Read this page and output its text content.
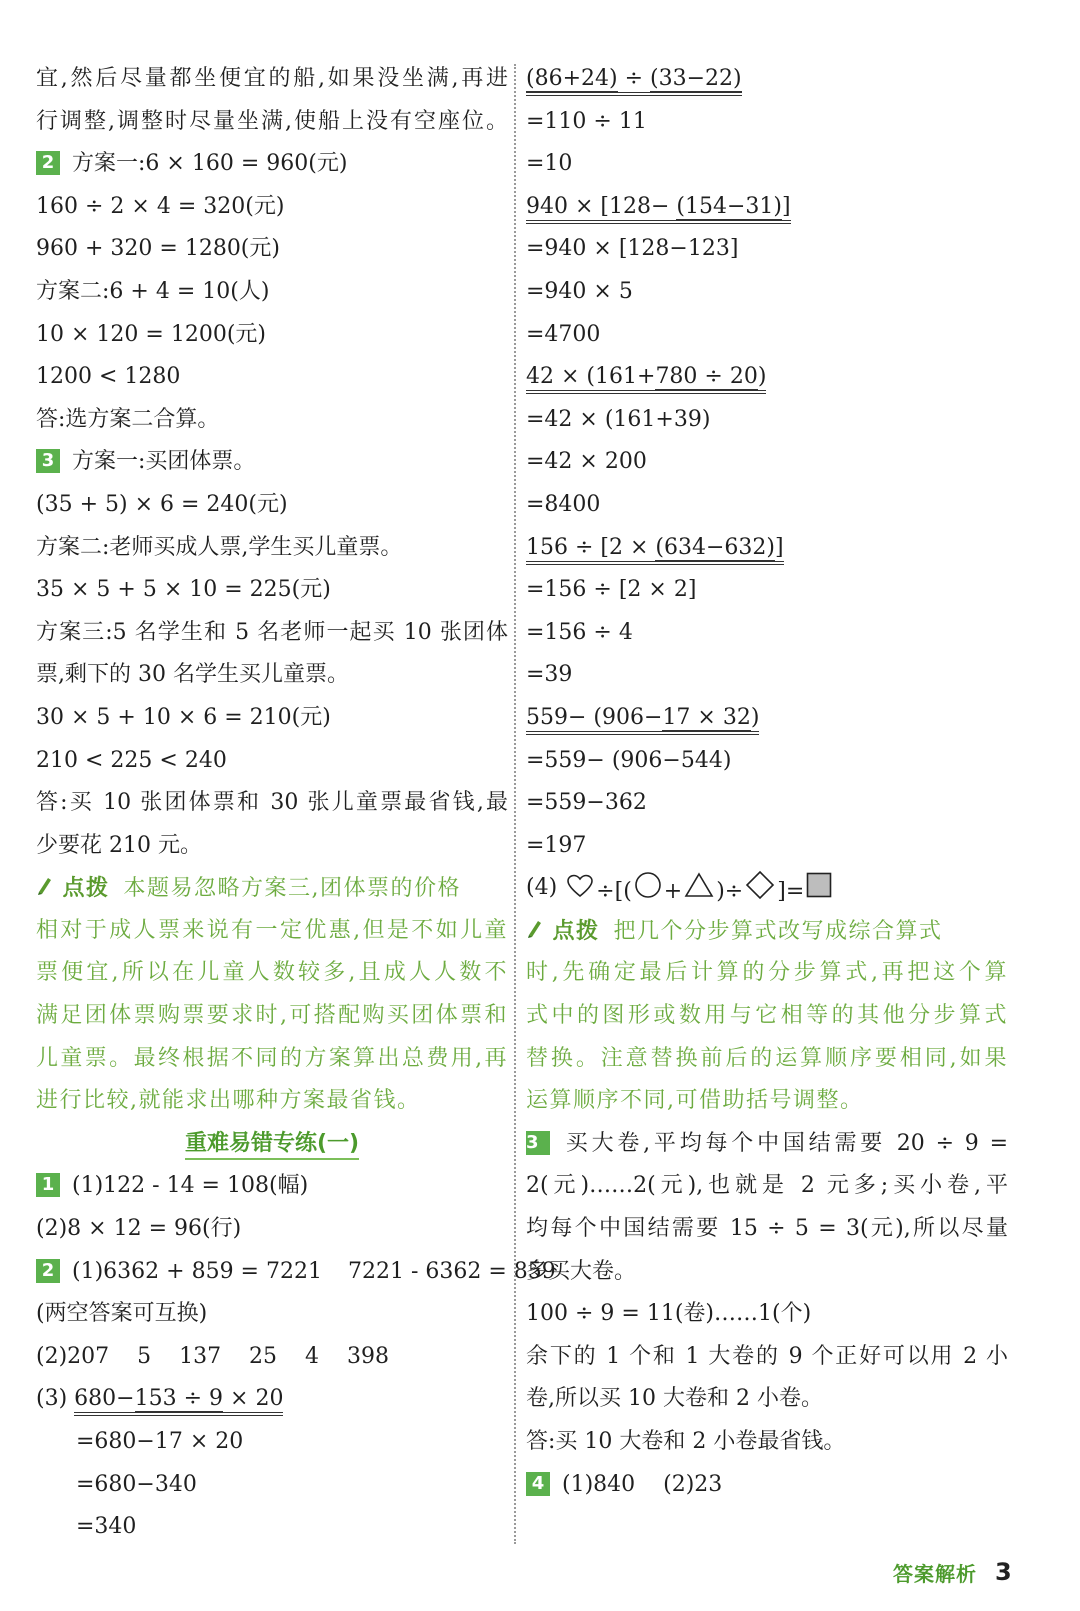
宜,然后尽量都坐便宜的船,如果没坐满,再进
行调整,调整时尽量坐满,使船上没有空座位。
2 方案一:6 × 160 = 960(元)
160 ÷ 2 × 4 = 320(元)
960 + 320 = 1280(元)
方案二:6 + 4 = 10(人)
10 × 120 = 1200(元)
1200 < 1280
答:选方案二合算。
3 方案一:买团体票。
(35 + 5) × 6 = 240(元)
方案二:老师买成人票,学生买儿童票。
35 × 5 + 5 × 10 = 225(元)
方案三:5 名学生和 5 名老师一起买 10 张团体
票,剩下的 30 名学生买儿童票。
30 × 5 + 10 × 6 = 210(元)
210 < 225 < 240
答:买 10 张团体票和 30 张儿童票最省钱,最
少要花 210 元。
点拨 本题易忽略方案三,团体票的价格
相对于成人票来说有一定优惠,但是不如儿童
票便宜,所以在儿童人数较多,且成人人数不
满足团体票购票要求时,可搭配购买团体票和
儿童票。最终根据不同的方案算出总费用,再
进行比较,就能求出哪种方案最省钱。
重难易错专练(一)
1 (1)122 - 14 = 108(幅)
(2)8 × 12 = 96(行)
2 (1)6362 + 859 = 7221 7221 - 6362 = 859
(两空答案可互换)
(2)207    5    137    25    4    398
(3) 680−153 ÷ 9 × 20
=680−17 × 20
=680−340
=340
(86+24) ÷ (33−22)
=110 ÷ 11
=10
940 × [128− (154−31)]
=940 × [128−123]
=940 × 5
=4700
42 × (161+780 ÷ 20)
=42 × (161+39)
=42 × 200
=8400
156 ÷ [2 × (634−632)]
=156 ÷ [2 × 2]
=156 ÷ 4
=39
559− (906−17 × 32)
=559− (906−544)
=559−362
=197
(4) ÷[( + )÷ ]=
点拨 把几个分步算式改写成综合算式
时,先确定最后计算的分步算式,再把这个算
式中的图形或数用与它相等的其他分步算式
替换。注意替换前后的运算顺序要相同,如果
运算顺序不同,可借助括号调整。
3 买大卷,平均每个中国结需要 20 ÷ 9 =
2(元)……2(元),也就是 2 元多;买小卷,平
均每个中国结需要 15 ÷ 5 = 3(元),所以尽量
多买大卷。
100 ÷ 9 = 11(卷)……1(个)
余下的 1 个和 1 大卷的 9 个正好可以用 2 小
卷,所以买 10 大卷和 2 小卷。
答:买 10 大卷和 2 小卷最省钱。
4 (1)840    (2)23
答案解析 3
